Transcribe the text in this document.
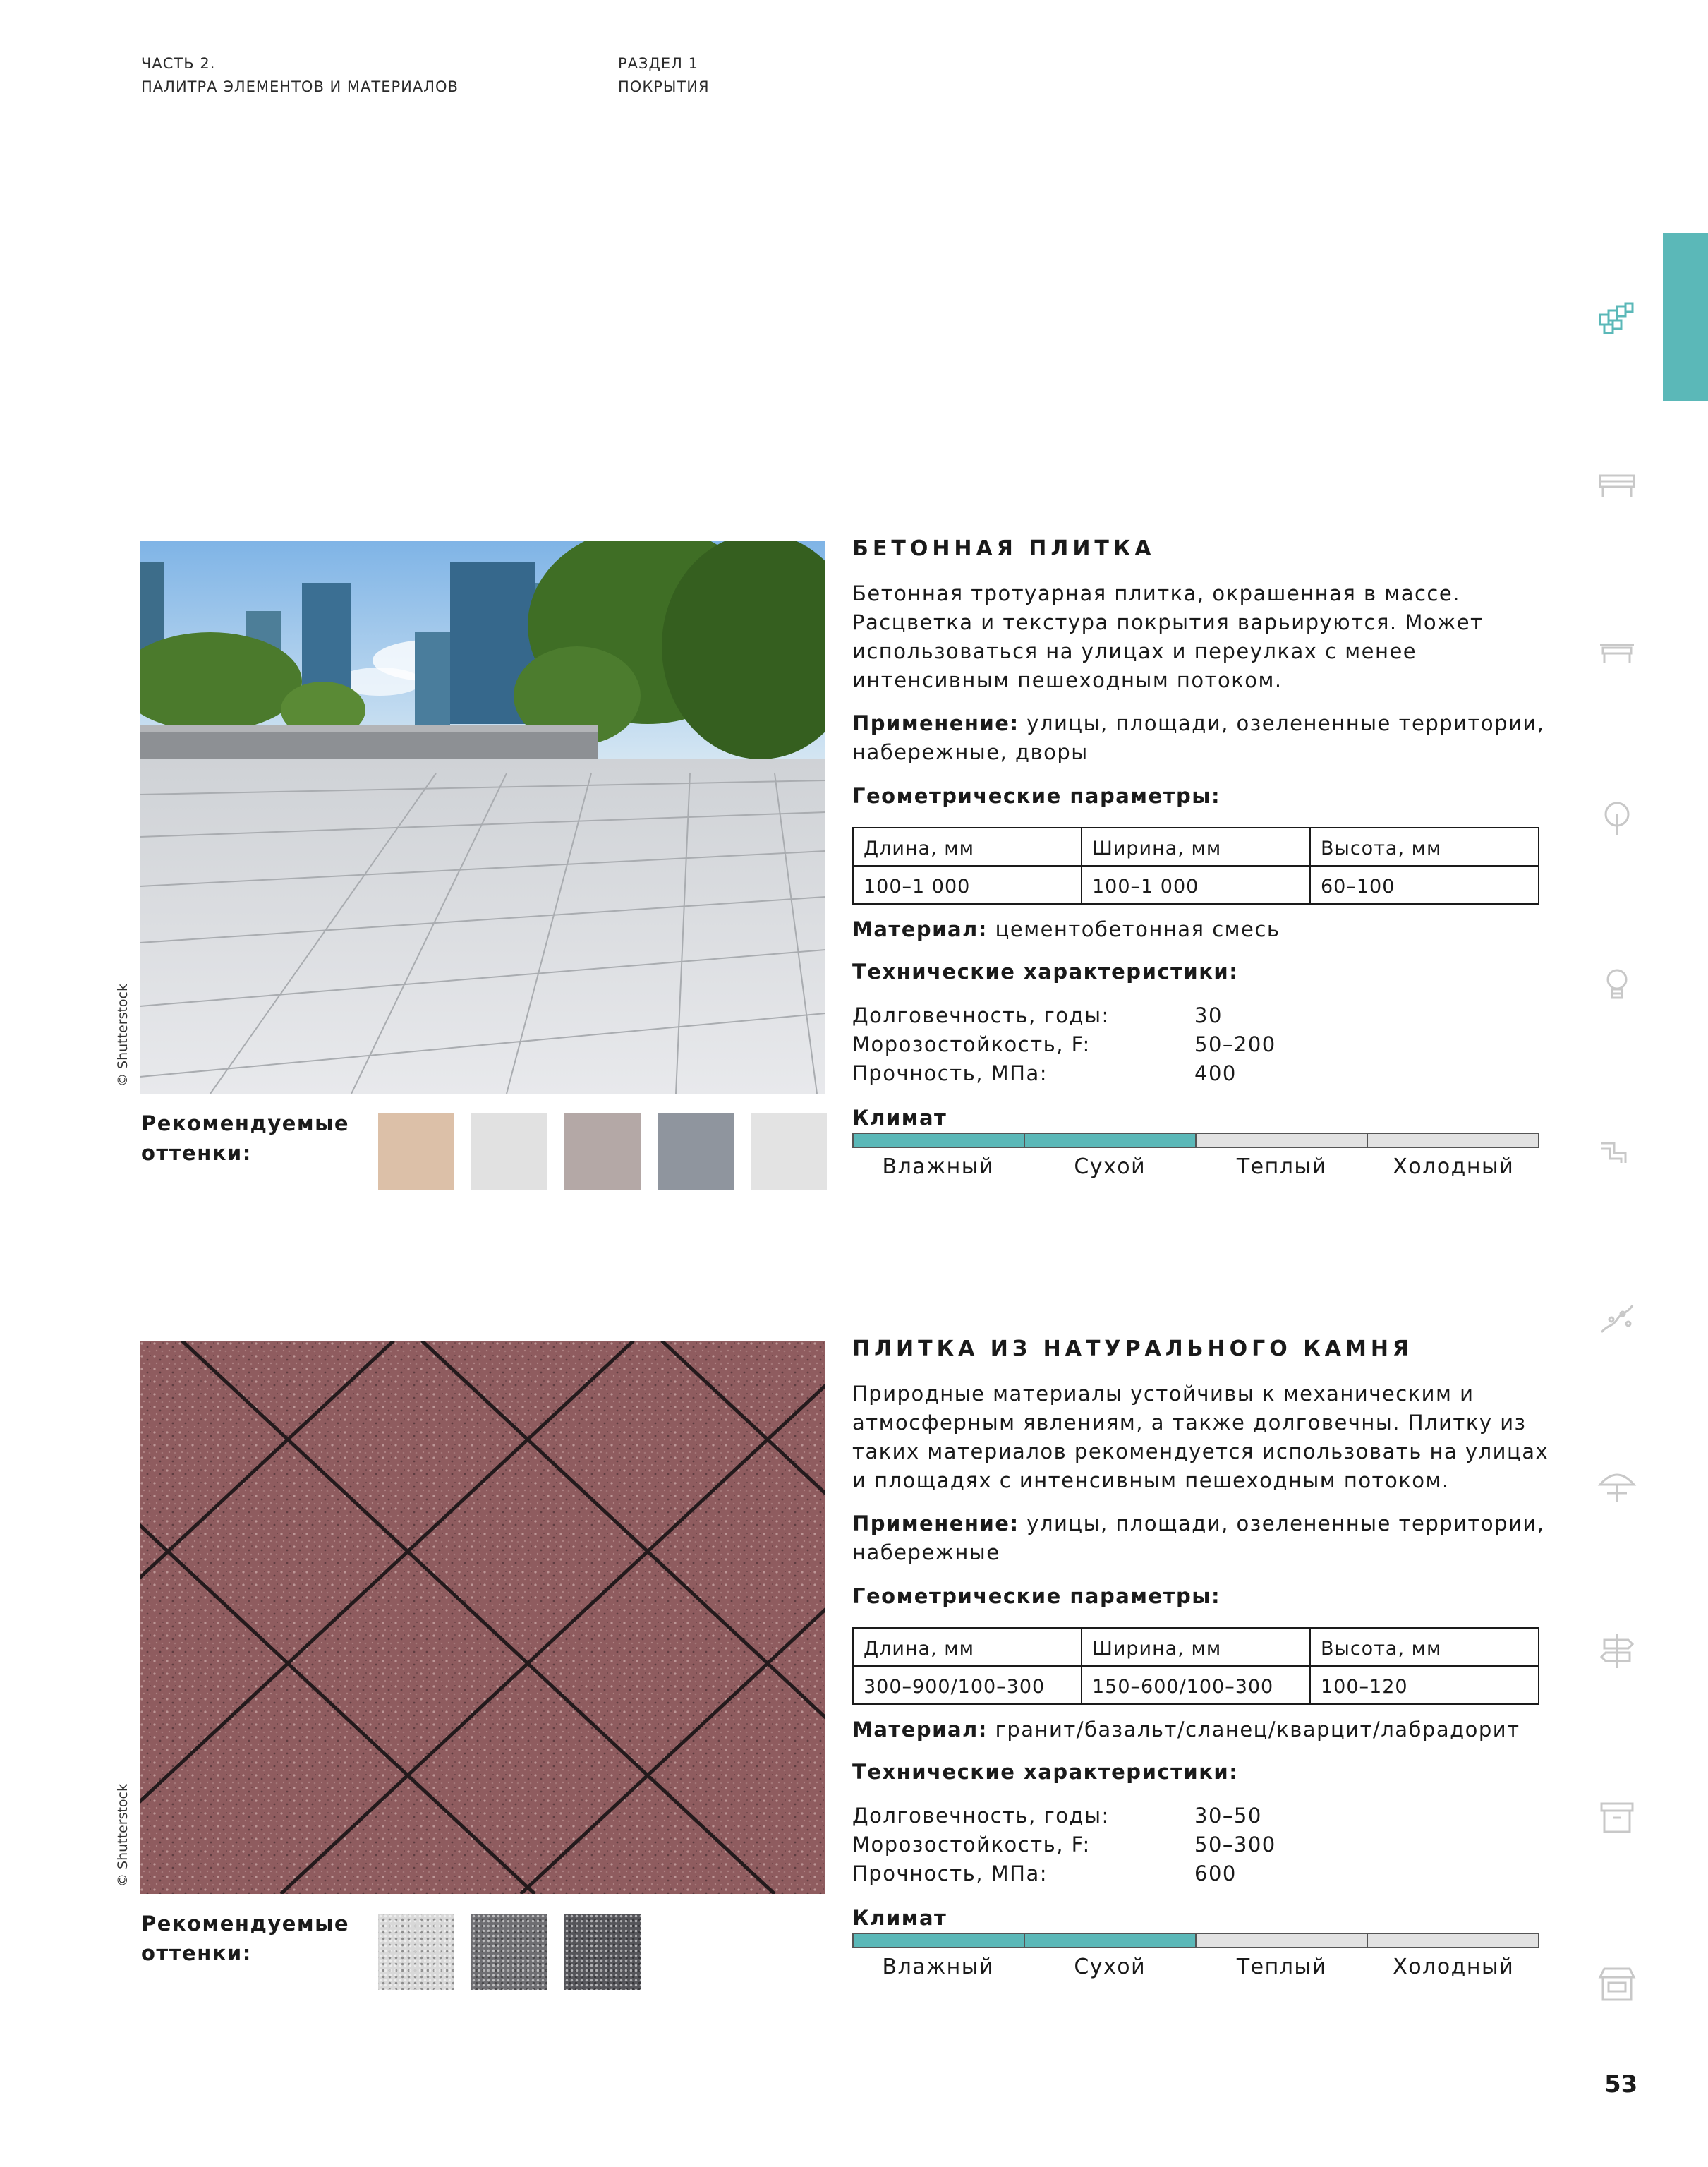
ЧАСТЬ 2.
ПАЛИТРА ЭЛЕМЕНТОВ И МАТЕРИАЛОВ
РАЗДЕЛ 1
ПОКРЫТИЯ
© Shutterstock
БЕТОННАЯ ПЛИТКА
Бетонная тротуарная плитка, окрашенная в массе. Расцветка и текстура покрытия варьируются. Может использоваться на улицах и переулках с менее интенсивным пешеходным потоком.
Применение: улицы, площади, озелененные территории, набережные, дворы
Геометрические параметры:
Длина, мм	Ширина, мм	Высота, мм
100–1 000	100–1 000	60–100
Материал: цементобетонная смесь
Технические характеристики:
Долговечность, годы:	30
Морозостойкость, F:	50–200
Прочность, МПа:	400
Климат
Влажный	Сухой	Теплый	Холодный
Рекомендуемые
оттенки:
© Shutterstock
ПЛИТКА ИЗ НАТУРАЛЬНОГО КАМНЯ
Природные материалы устойчивы к механическим и атмосферным явлениям, а также долговечны. Плитку из таких материалов рекомендуется использовать на улицах и площадях с интенсивным пешеходным потоком.
Применение: улицы, площади, озелененные территории, набережные
Геометрические параметры:
Длина, мм	Ширина, мм	Высота, мм
300–900/100–300	150–600/100–300	100–120
Материал: гранит/базальт/сланец/кварцит/лабрадорит
Технические характеристики:
Долговечность, годы:	30–50
Морозостойкость, F:	50–300
Прочность, МПа:	600
Климат
Влажный	Сухой	Теплый	Холодный
Рекомендуемые
оттенки:
53
